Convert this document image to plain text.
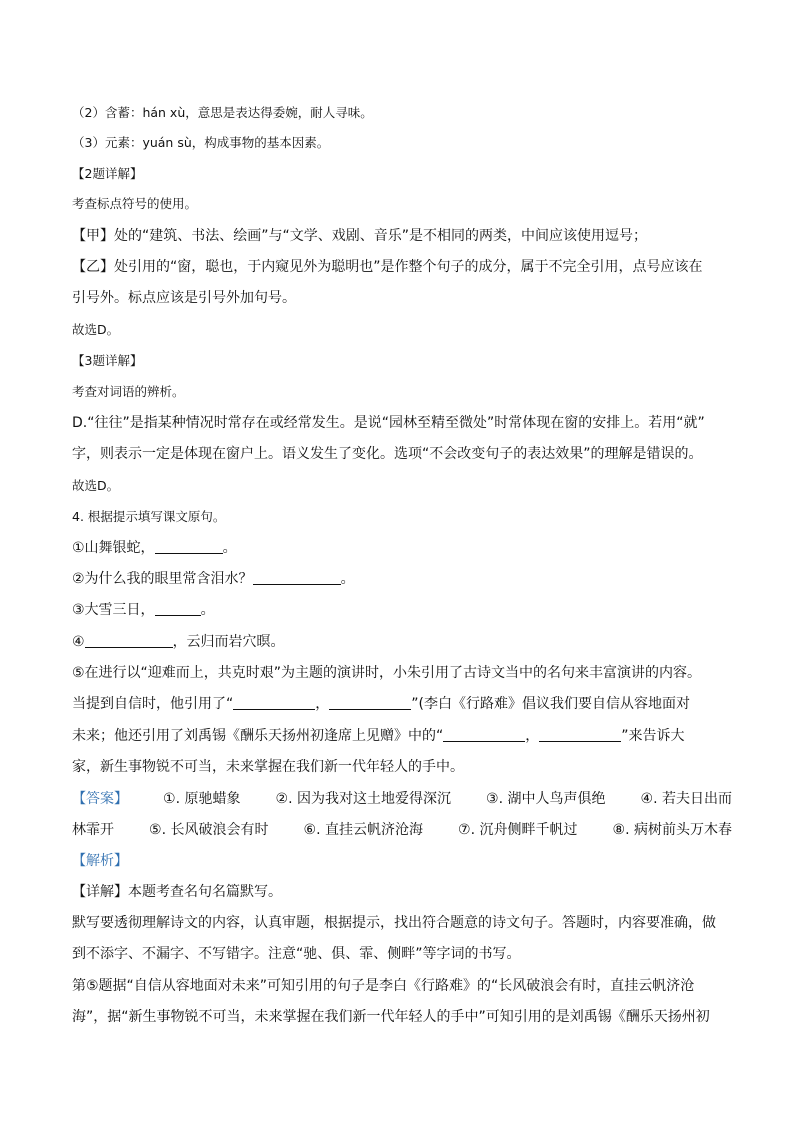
（2）含蓄：hán xù，意思是表达得委婉，耐人寻味。
（3）元素：yuán sù，构成事物的基本因素。
【2题详解】
考查标点符号的使用。
【甲】处的“建筑、书法、绘画”与“文学、戏剧、音乐”是不相同的两类，中间应该使用逗号；
【乙】处引用的“窗，聪也，于内窥见外为聪明也”是作整个句子的成分，属于不完全引用，点号应该在
引号外。标点应该是引号外加句号。
故选D。
【3题详解】
考查对词语的辨析。
D.“往往”是指某种情况时常存在或经常发生。是说“园林至精至微处”时常体现在窗的安排上。若用“就”
字，则表示一定是体现在窗户上。语义发生了变化。选项“不会改变句子的表达效果”的理解是错误的。
故选D。
4. 根据提示填写课文原句。
①山舞银蛇，	。
②为什么我的眼里常含泪水？	。
③大雪三日，	。
④	，云归而岩穴暝。
⑤在进行以“迎难而上，共克时艰”为主题的演讲时，小朱引用了古诗文当中的名句来丰富演讲的内容。
当提到自信时，他引用了“	，	”(李白《行路难》倡议我们要自信从容地面对
未来；他还引用了刘禹锡《酬乐天扬州初逢席上见赠》中的“	，	”来告诉大
家，新生事物锐不可当，未来掌握在我们新一代年轻人的手中。
【答案】	①. 原驰蜡象	②. 因为我对这土地爱得深沉	③. 湖中人鸟声俱绝	④. 若夫日出而
林霏开	⑤. 长风破浪会有时	⑥. 直挂云帆济沧海	⑦. 沉舟侧畔千帆过	⑧. 病树前头万木春
【解析】
【详解】本题考查名句名篇默写。
默写要透彻理解诗文的内容，认真审题，根据提示，找出符合题意的诗文句子。答题时，内容要准确，做
到不添字、不漏字、不写错字。注意“驰、俱、霏、侧畔”等字词的书写。
第⑤题据“自信从容地面对未来”可知引用的句子是李白《行路难》的“长风破浪会有时，直挂云帆济沧
海”，据“新生事物锐不可当，未来掌握在我们新一代年轻人的手中”可知引用的是刘禹锡《酬乐天扬州初
